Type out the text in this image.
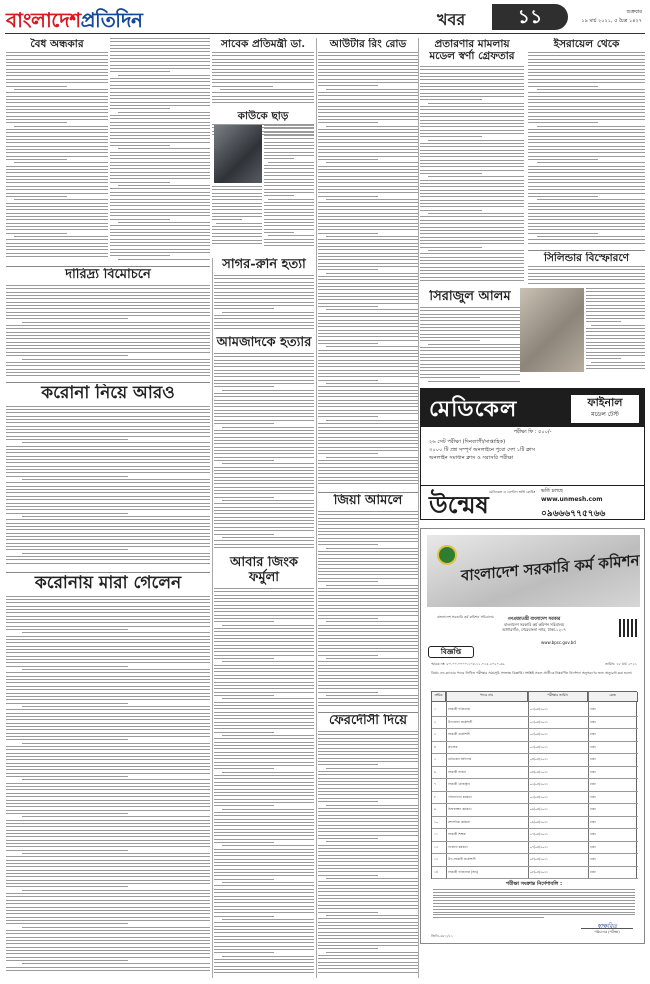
বাংলাদেশপ্রতিদিন	খবর	১১	শুক্রবার
১৯ মার্চ ২০২১, ৫ চৈত্র ১৪২৭
বৈধ অন্ধকার	সাবেক প্রতিমন্ত্রী ডা.
কাউকে ছাড়
দারিদ্র্য বিমোচনে
করোনা নিয়ে আরও
করোনায় মারা গেলেন
সাগর-রুনি হত্যা
আমজাদকে হত্যার
আবার জিংক ফর্মুলা
আউটার রিং রোড
জিয়া আমলে
ফেরদৌসী দিয়ে
প্রতারণার মামলায়
মডেল স্বর্ণা গ্রেফতার
ইসরায়েল থেকে
সিলিন্ডার বিস্ফোরণে
সিরাজুল আলম
মেডিকেল	ফাইনাল
মডেল টেস্ট
পরীক্ষা ফি : ৫০০/-
২৬ সেট পরীক্ষা (দিনব্যাপী/সাপ্তাহিক)
৩০০০ টি প্রশ্ন সম্পূর্ণ অনলাইনে পুরো দেশ ১টি ক্লাস
অনলাইন সমাধান ক্লাস ও সরাসরি পরীক্ষা
উন্মেষ মেডিকেল ও ডেন্টাল ভর্তি কোচিং ভর্তি চলছে
www.unmesh.com
০৯৬৬৬৭৭৫৭৬৬
বাংলাদেশ সরকারি কর্ম কমিশন
বাংলাদেশ সরকারি কর্ম কমিশন সচিবালয়	গণপ্রজাতন্ত্রী বাংলাদেশ সরকার
বাংলাদেশ সরকারি কর্ম কমিশন সচিবালয়
আগারগাঁও, শেরেবাংলা নগর, ঢাকা-১২০৭
www.bpsc.gov.bd
বিজ্ঞপ্তি
স্মারক নং: ৮০.০০.০০০০.১০৫.১১.০১৫.২০২০-৫৯	তারিখ: ১৮ মার্চ ২০২১
বিষয়: নন-ক্যাডার পদের লিখিত পরীক্ষার সময়সূচি সংক্রান্ত বিজ্ঞপ্তি। সংশ্লিষ্ট সকল প্রার্থীকে নিম্নবর্ণিত নির্দেশনা অনুসরণের জন্য অনুরোধ করা হলো।
ক্রমিক	পদের নাম	পরীক্ষার তারিখ	কেন্দ্র
১	সহকারী পরিচালক	০২/০৪/২০২১	ঢাকা
২	উপজেলা প্রকৌশলী	০২/০৪/২০২১	ঢাকা
৩	সহকারী প্রকৌশলী	০৩/০৪/২০২১	ঢাকা
৪	প্রভাষক	০৩/০৪/২০২১	ঢাকা
৫	মেডিকেল অফিসার	০৪/০৪/২০২১	ঢাকা
৬	সহকারী সার্জন	০৪/০৪/২০২১	ঢাকা
৭	সহকারী রেজিস্ট্রার	০৫/০৪/২০২১	ঢাকা
৮	পরিসংখ্যান কর্মকর্তা	০৫/০৪/২০২১	ঢাকা
৯	হিসাবরক্ষণ কর্মকর্তা	০৬/০৪/২০২১	ঢাকা
১০	প্রশাসনিক কর্মকর্তা	০৬/০৪/২০২১	ঢাকা
১১	সহকারী শিক্ষক	০৭/০৪/২০২১	ঢাকা
১২	গবেষণা কর্মকর্তা	০৭/০৪/২০২১	ঢাকা
১৩	উপ-সহকারী প্রকৌশলী	০৮/০৪/২০২১	ঢাকা
১৪	সহকারী পরিচালক (অর্থ)	০৮/০৪/২০২১	ঢাকা
পরীক্ষা সংক্রান্ত নির্দেশাবলি :
স্বাক্ষরিত
পরিচালক (পরীক্ষা)
জিডি-৬৮১/২১
